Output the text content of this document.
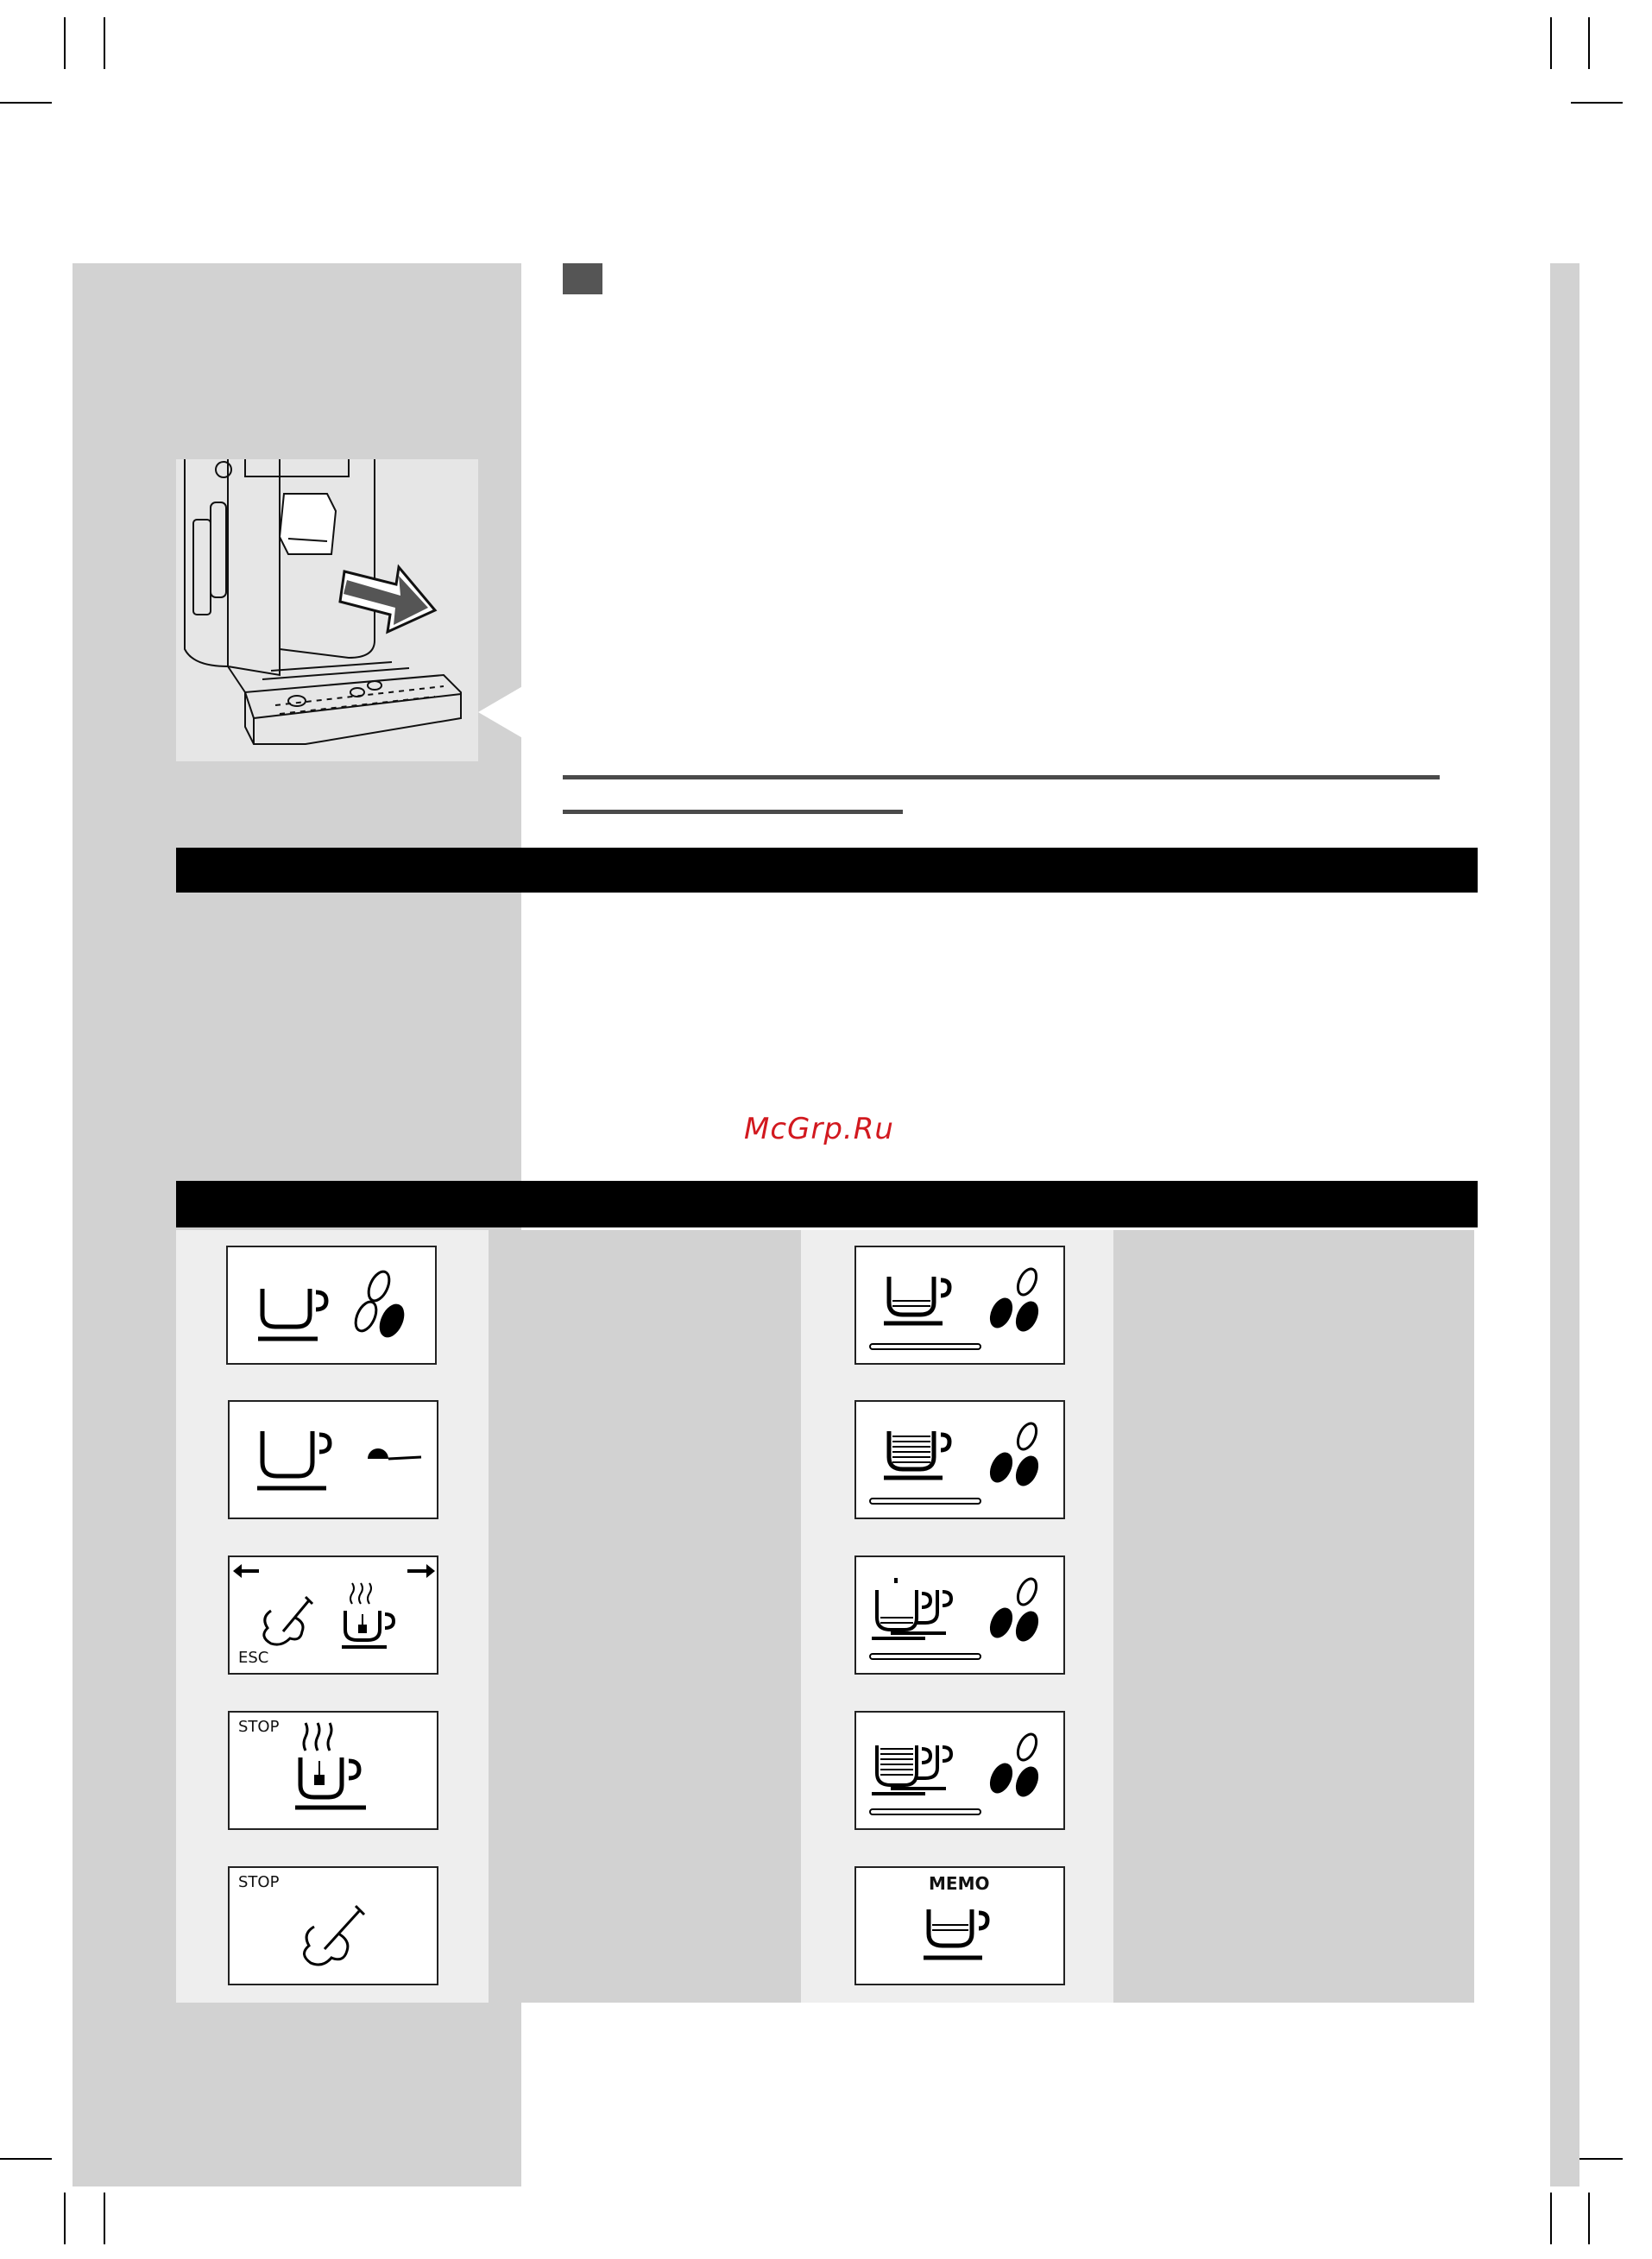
McGrp.Ru
ESC
STOP
STOP	MEMO
